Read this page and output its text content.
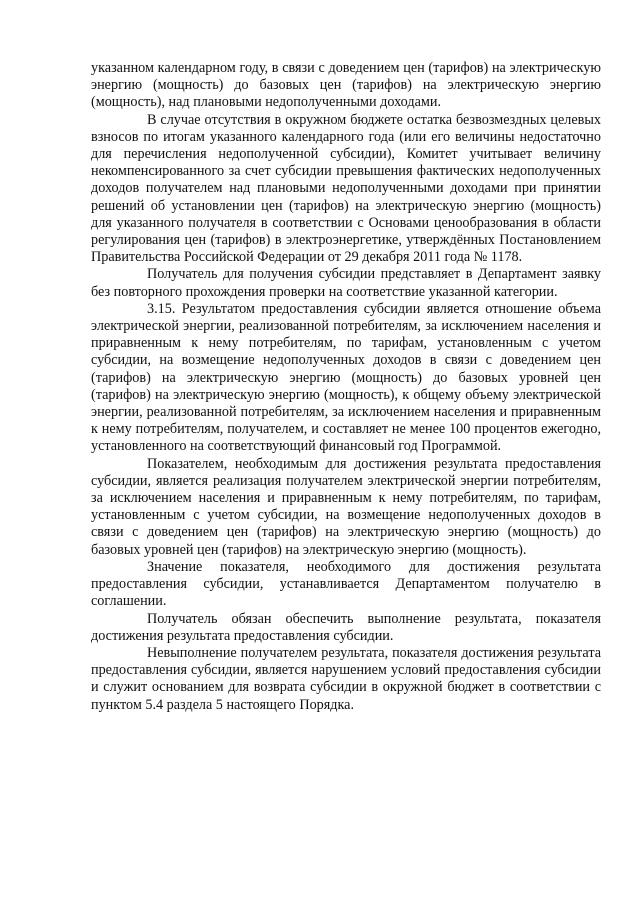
указанном календарном году, в связи с доведением цен (тарифов) на электрическую энергию (мощность) до базовых цен (тарифов) на электрическую энергию (мощность), над плановыми недополученными доходами.

В случае отсутствия в окружном бюджете остатка безвозмездных целевых взносов по итогам указанного календарного года (или его величины недостаточно для перечисления недополученной субсидии), Комитет учитывает величину некомпенсированного за счет субсидии превышения фактических недополученных доходов получателем над плановыми недополученными доходами при принятии решений об установлении цен (тарифов) на электрическую энергию (мощность) для указанного получателя в соответствии с Основами ценообразования в области регулирования цен (тарифов) в электроэнергетике, утверждённых Постановлением Правительства Российской Федерации от 29 декабря 2011 года № 1178.

Получатель для получения субсидии представляет в Департамент заявку без повторного прохождения проверки на соответствие указанной категории.

3.15. Результатом предоставления субсидии является отношение объема электрической энергии, реализованной потребителям, за исключением населения и приравненным к нему потребителям, по тарифам, установленным с учетом субсидии, на возмещение недополученных доходов в связи с доведением цен (тарифов) на электрическую энергию (мощность) до базовых уровней цен (тарифов) на электрическую энергию (мощность), к общему объему электрической энергии, реализованной потребителям, за исключением населения и приравненным к нему потребителям, получателем, и составляет не менее 100 процентов ежегодно, установленного на соответствующий финансовый год Программой.

Показателем, необходимым для достижения результата предоставления субсидии, является реализация получателем электрической энергии потребителям, за исключением населения и приравненным к нему потребителям, по тарифам, установленным с учетом субсидии, на возмещение недополученных доходов в связи с доведением цен (тарифов) на электрическую энергию (мощность) до базовых уровней цен (тарифов) на электрическую энергию (мощность).

Значение показателя, необходимого для достижения результата предоставления субсидии, устанавливается Департаментом получателю в соглашении.

Получатель обязан обеспечить выполнение результата, показателя достижения результата предоставления субсидии.

Невыполнение получателем результата, показателя достижения результата предоставления субсидии, является нарушением условий предоставления субсидии и служит основанием для возврата субсидии в окружной бюджет в соответствии с пунктом 5.4 раздела 5 настоящего Порядка.
